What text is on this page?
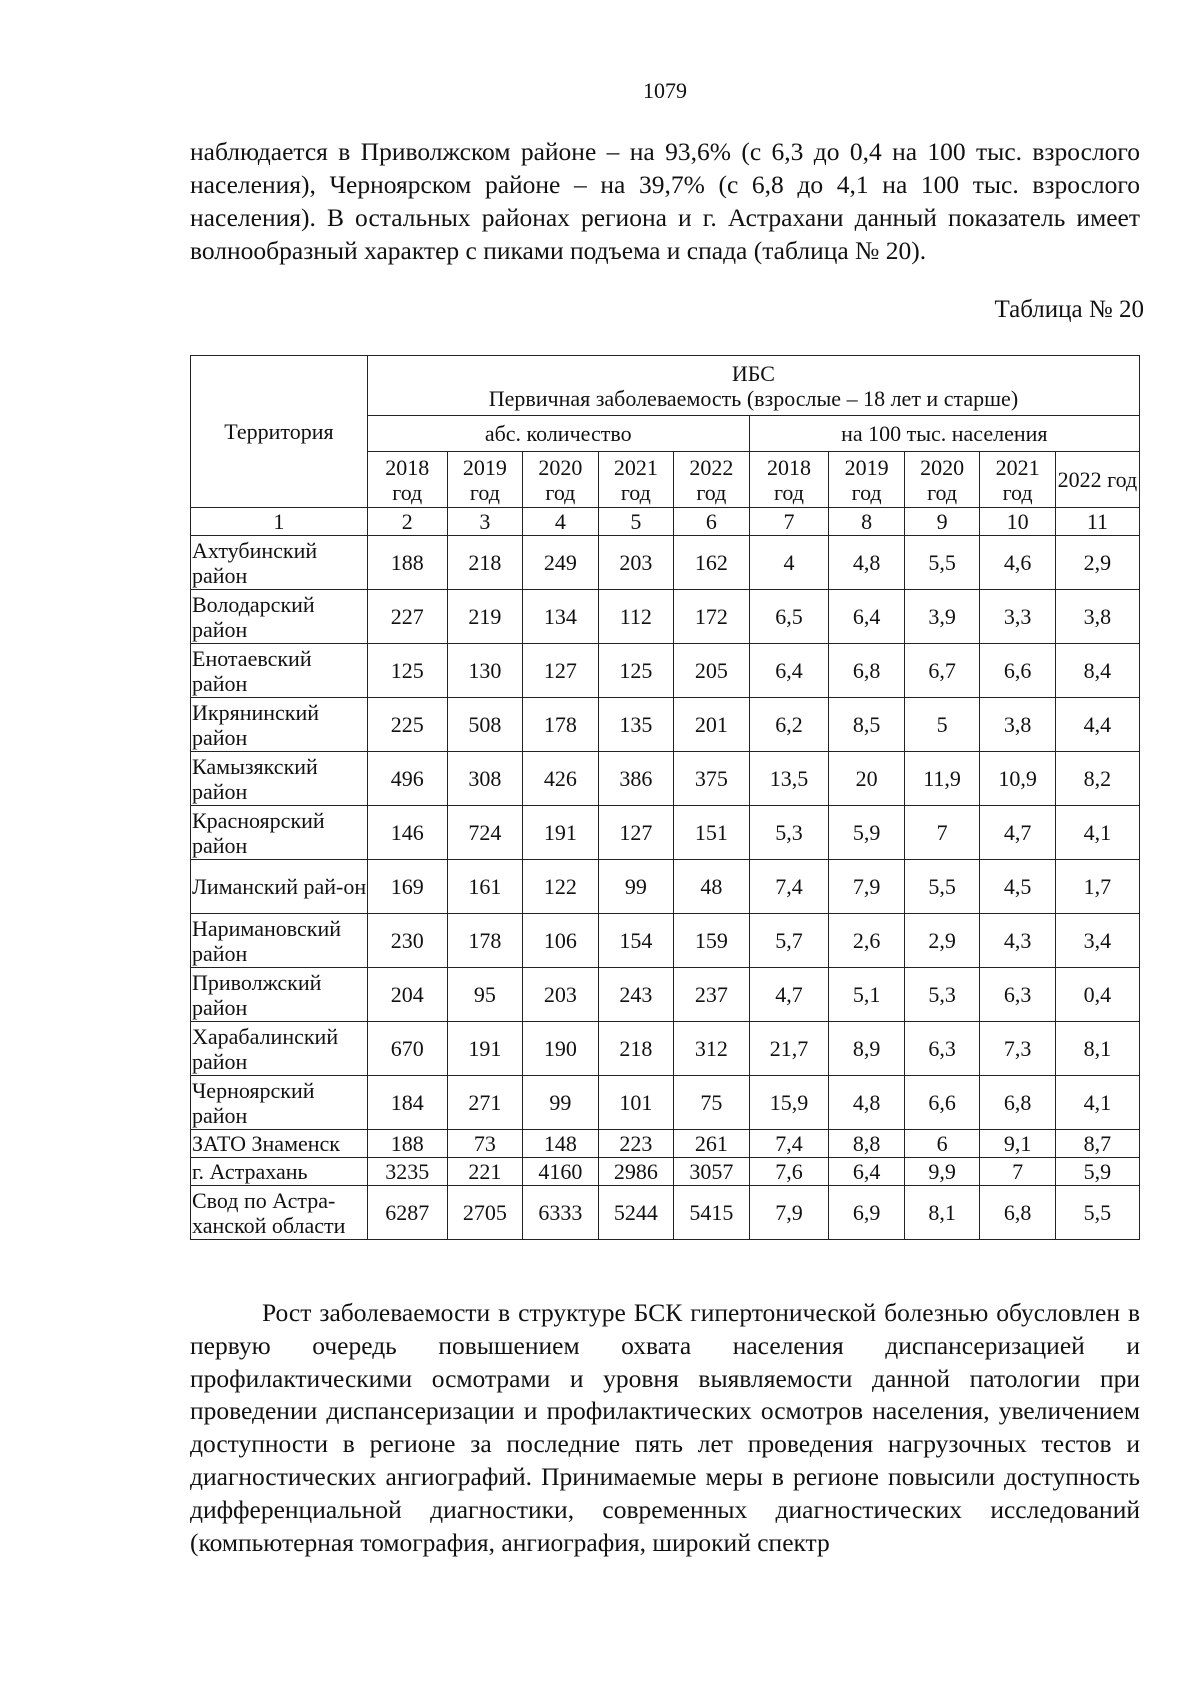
1079
наблюдается в Приволжском районе – на 93,6% (с 6,3 до 0,4 на 100 тыс. взрослого населения), Черноярском районе – на 39,7% (с 6,8 до 4,1 на 100 тыс. взрослого населения). В остальных районах региона и г. Астрахани данный показатель имеет волнообразный характер с пиками подъема и спада (таблица № 20).
Таблица № 20
Территория	ИБС
Первичная заболеваемость (взрослые – 18 лет и старше)									

	абс. количество					на 100 тыс. населения				
	2018 год	2019 год	2020 год	2021 год	2022 год	2018 год	2019 год	2020 год	2021 год	2022 год
1	2	3	4	5	6	7	8	9	10	11
Ахтубинский район	188	218	249	203	162	4	4,8	5,5	4,6	2,9
Володарский район	227	219	134	112	172	6,5	6,4	3,9	3,3	3,8
Енотаевский район	125	130	127	125	205	6,4	6,8	6,7	6,6	8,4
Икрянинский район	225	508	178	135	201	6,2	8,5	5	3,8	4,4
Камызякский район	496	308	426	386	375	13,5	20	11,9	10,9	8,2
Красноярский район	146	724	191	127	151	5,3	5,9	7	4,7	4,1
Лиманский рай-он	169	161	122	99	48	7,4	7,9	5,5	4,5	1,7
Наримановский район	230	178	106	154	159	5,7	2,6	2,9	4,3	3,4
Приволжский район	204	95	203	243	237	4,7	5,1	5,3	6,3	0,4
Харабалинский район	670	191	190	218	312	21,7	8,9	6,3	7,3	8,1
Черноярский район	184	271	99	101	75	15,9	4,8	6,6	6,8	4,1
ЗАТО Знаменск	188	73	148	223	261	7,4	8,8	6	9,1	8,7
г. Астрахань	3235	221	4160	2986	3057	7,6	6,4	9,9	7	5,9
Свод по Астра-ханской области	6287	2705	6333	5244	5415	7,9	6,9	8,1	6,8	5,5
Рост заболеваемости в структуре БСК гипертонической болезнью обусловлен в первую очередь повышением охвата населения диспансеризацией и профилактическими осмотрами и уровня выявляемости данной патологии при проведении диспансеризации и профилактических осмотров населения, увеличением доступности в регионе за последние пять лет проведения нагрузочных тестов и диагностических ангиографий. Принимаемые меры в регионе повысили доступность дифференциальной диагностики, современных диагностических исследований (компьютерная томография, ангиография, широкий спектр
